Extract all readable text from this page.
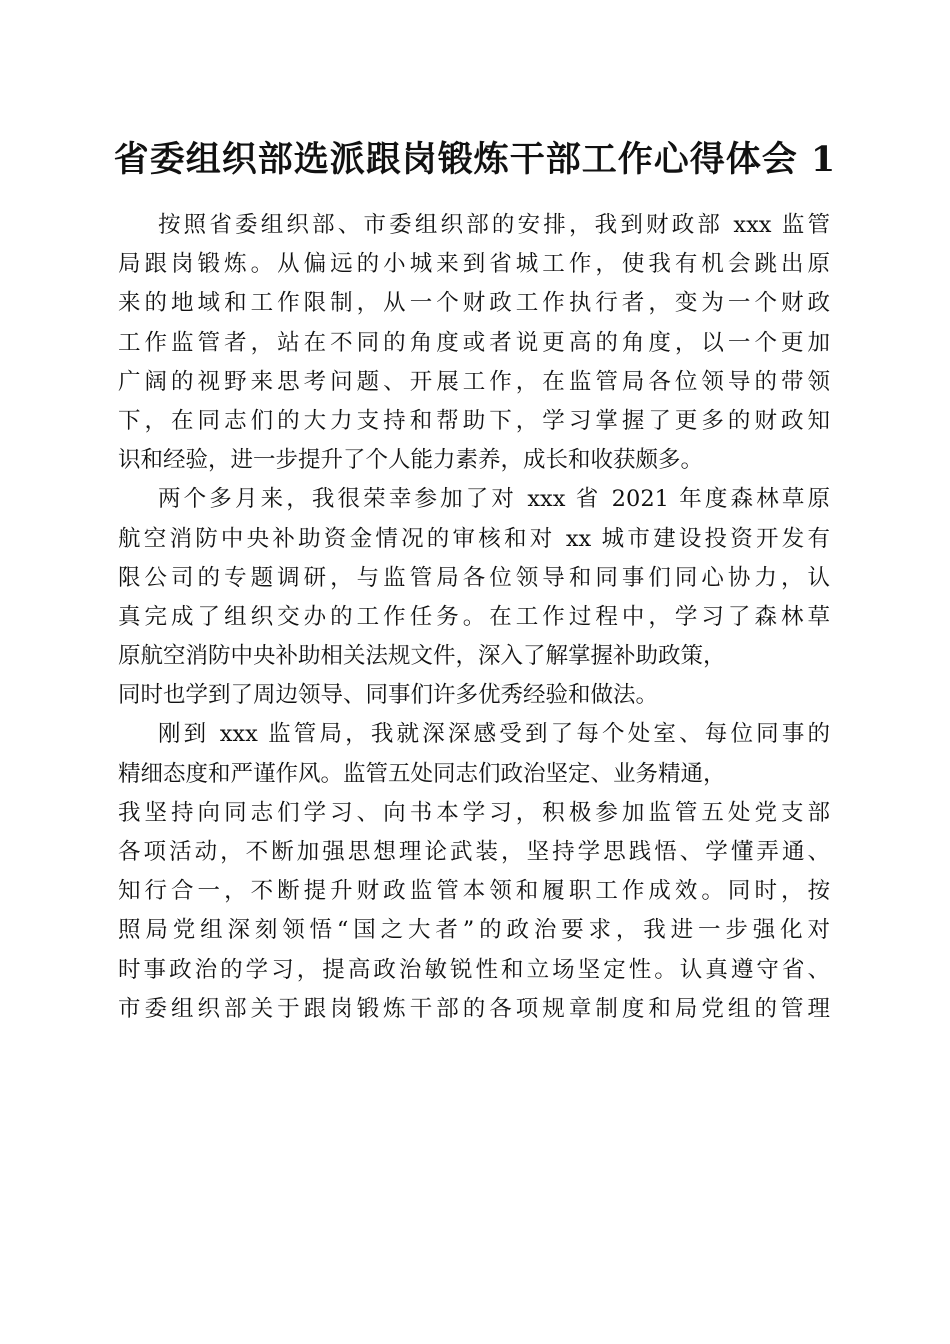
省委组织部选派跟岗锻炼干部工作心得体会 1
按照省委组织部、市委组织部的安排，我到财政部 xxx 监管
局跟岗锻炼。从偏远的小城来到省城工作，使我有机会跳出原
来的地域和工作限制，从一个财政工作执行者，变为一个财政
工作监管者，站在不同的角度或者说更高的角度，以一个更加
广阔的视野来思考问题、开展工作，在监管局各位领导的带领
下，在同志们的大力支持和帮助下，学习掌握了更多的财政知
识和经验，进一步提升了个人能力素养，成长和收获颇多。
两个多月来，我很荣幸参加了对 xxx 省 2021 年度森林草原
航空消防中央补助资金情况的审核和对 xx 城市建设投资开发有
限公司的专题调研，与监管局各位领导和同事们同心协力，认
真完成了组织交办的工作任务。在工作过程中，学习了森林草
原航空消防中央补助相关法规文件，深入了解掌握补助政策，
同时也学到了周边领导、同事们许多优秀经验和做法。
刚到 xxx 监管局，我就深深感受到了每个处室、每位同事的
精细态度和严谨作风。监管五处同志们政治坚定、业务精通，
我坚持向同志们学习、向书本学习，积极参加监管五处党支部
各项活动，不断加强思想理论武装，坚持学思践悟、学懂弄通、
知行合一，不断提升财政监管本领和履职工作成效。同时，按
照局党组深刻领悟“国之大者”的政治要求，我进一步强化对
时事政治的学习，提高政治敏锐性和立场坚定性。认真遵守省、
市委组织部关于跟岗锻炼干部的各项规章制度和局党组的管理
